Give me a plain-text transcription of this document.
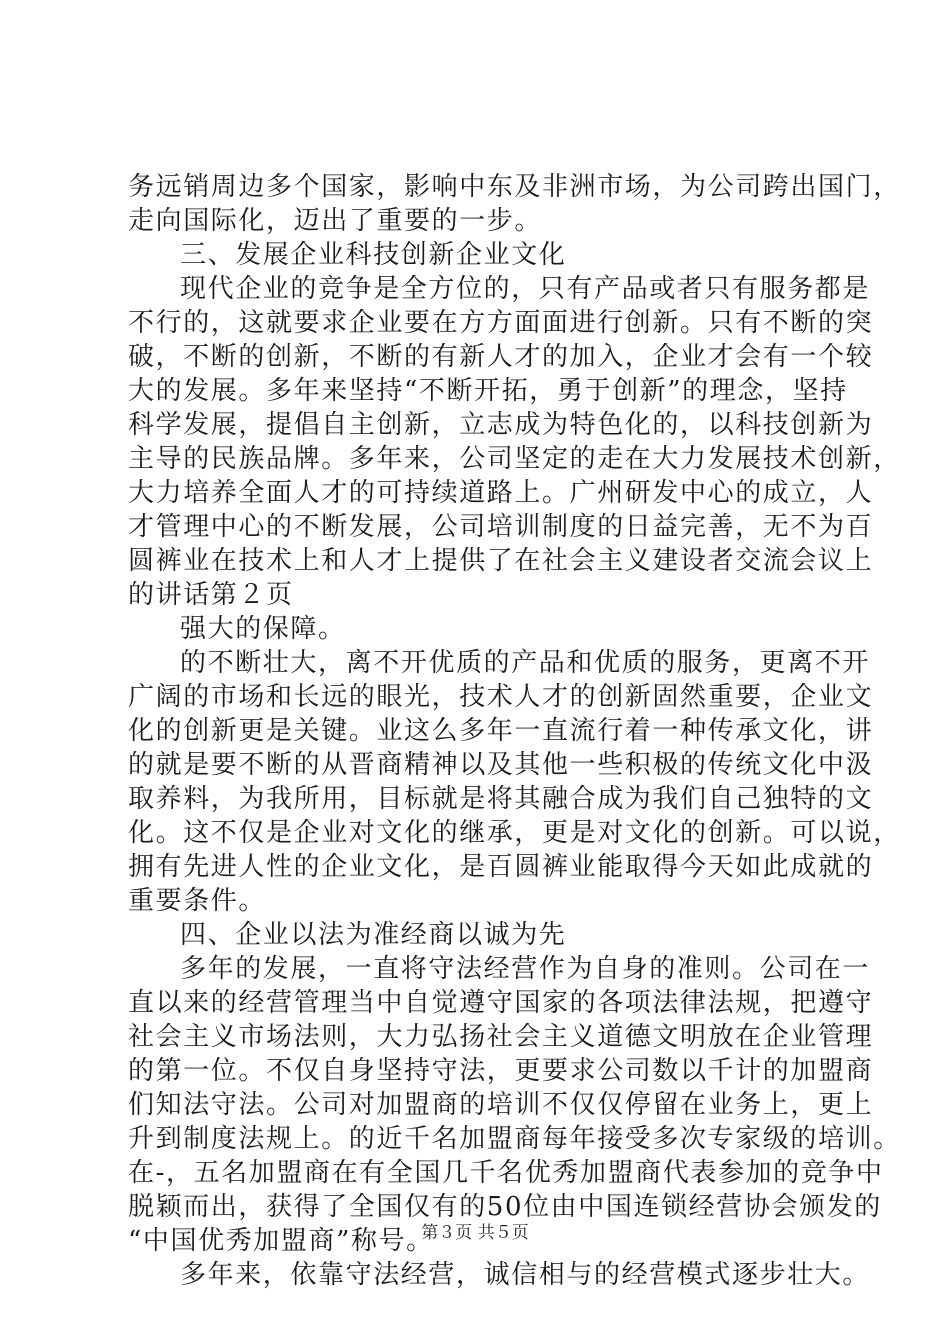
务远销周边多个国家，影响中东及非洲市场，为公司跨出国门，
走向国际化，迈出了重要的一步。
三、发展企业科技创新企业文化
现代企业的竞争是全方位的，只有产品或者只有服务都是
不行的，这就要求企业要在方方面面进行创新。只有不断的突
破，不断的创新，不断的有新人才的加入，企业才会有一个较
大的发展。多年来坚持“不断开拓，勇于创新”的理念，坚持
科学发展，提倡自主创新，立志成为特色化的，以科技创新为
主导的民族品牌。多年来，公司坚定的走在大力发展技术创新，
大力培养全面人才的可持续道路上。广州研发中心的成立，人
才管理中心的不断发展，公司培训制度的日益完善，无不为百
圆裤业在技术上和人才上提供了在社会主义建设者交流会议上
的讲话第２页
强大的保障。
的不断壮大，离不开优质的产品和优质的服务，更离不开
广阔的市场和长远的眼光，技术人才的创新固然重要，企业文
化的创新更是关键。业这么多年一直流行着一种传承文化，讲
的就是要不断的从晋商精神以及其他一些积极的传统文化中汲
取养料，为我所用，目标就是将其融合成为我们自己独特的文
化。这不仅是企业对文化的继承，更是对文化的创新。可以说，
拥有先进人性的企业文化，是百圆裤业能取得今天如此成就的
重要条件。
四、企业以法为准经商以诚为先
多年的发展，一直将守法经营作为自身的准则。公司在一
直以来的经营管理当中自觉遵守国家的各项法律法规，把遵守
社会主义市场法则，大力弘扬社会主义道德文明放在企业管理
的第一位。不仅自身坚持守法，更要求公司数以千计的加盟商
们知法守法。公司对加盟商的培训不仅仅停留在业务上，更上
升到制度法规上。的近千名加盟商每年接受多次专家级的培训。
在-，五名加盟商在有全国几千名优秀加盟商代表参加的竞争中
脱颖而出，获得了全国仅有的50位由中国连锁经营协会颁发的
“中国优秀加盟商”称号。
多年来，依靠守法经营，诚信相与的经营模式逐步壮大。
第３页 共５页
